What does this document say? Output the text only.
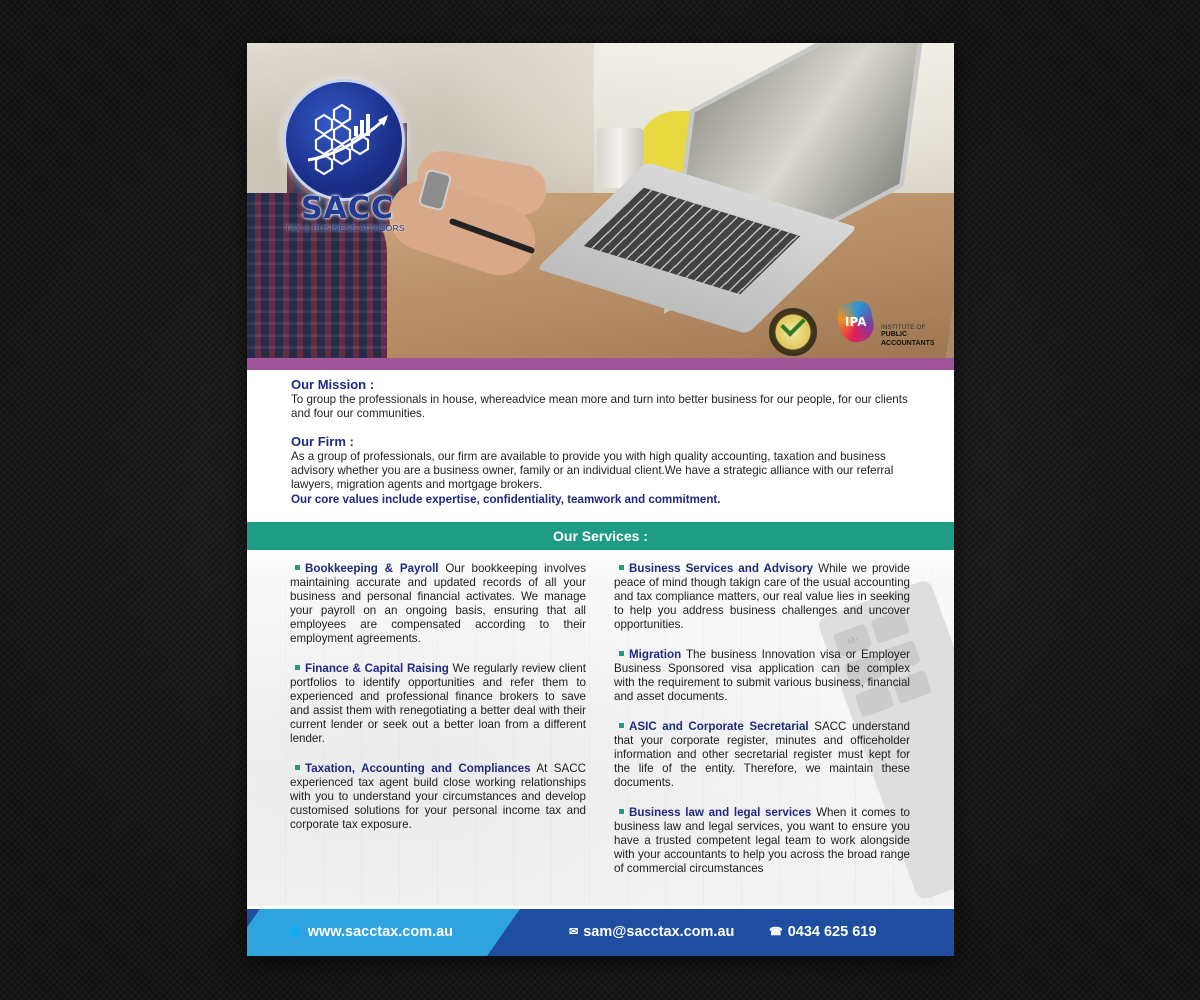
SACC
TAX & BUSINESS ADVISORS
IPA INSTITUTE OF
PUBLIC
ACCOUNTANTS
Our Mission :

To group the professionals in house, whereadvice mean more and turn into better business for our people, for our clients and four our communities.

Our Firm :

As a group of professionals, our firm are available to provide you with high quality accounting, taxation and business advisory whether you are a business owner, family or an individual client.We have a strategic alliance with our referral lawyers, migration agents and mortgage brokers.

Our core values include expertise, confidentiality, teamwork and commitment.

Our Services :
M-
Bookkeeping & Payroll Our bookkeeping involves maintaining accurate and updated records of all your business and personal financial activates. We manage your payroll on an ongoing basis, ensuring that all employees are compensated according to their employment agreements.
Finance & Capital Raising We regularly review client portfolios to identify opportunities and refer them to experienced and professional finance brokers to save and assist them with renegotiating a better deal with their current lender or seek out a better loan from a different lender.
Taxation, Accounting and Compliances At SACC experienced tax agent build close working relationships with you to understand your circumstances and develop customised solutions for your personal income tax and corporate tax exposure.
Business Services and Advisory While we provide peace of mind though takign care of the usual accounting and tax compliance matters, our real value lies in seeking to help you address business challenges and uncover opportunities.
Migration The business Innovation visa or Employer Business Sponsored visa application can be complex with the requirement to submit various business, financial and asset documents.
ASIC and Corporate Secretarial SACC understand that your corporate register, minutes and officeholder information and other secretarial register must kept for the life of the entity. Therefore, we maintain these documents.
Business law and legal services When it comes to business law and legal services, you want to ensure you have a trusted competent legal team to work alongside with your accountants to help you across the broad range of commercial circumstances
🌐 www.sacctax.com.au	✉ sam@sacctax.com.au	☎ 0434 625 619
